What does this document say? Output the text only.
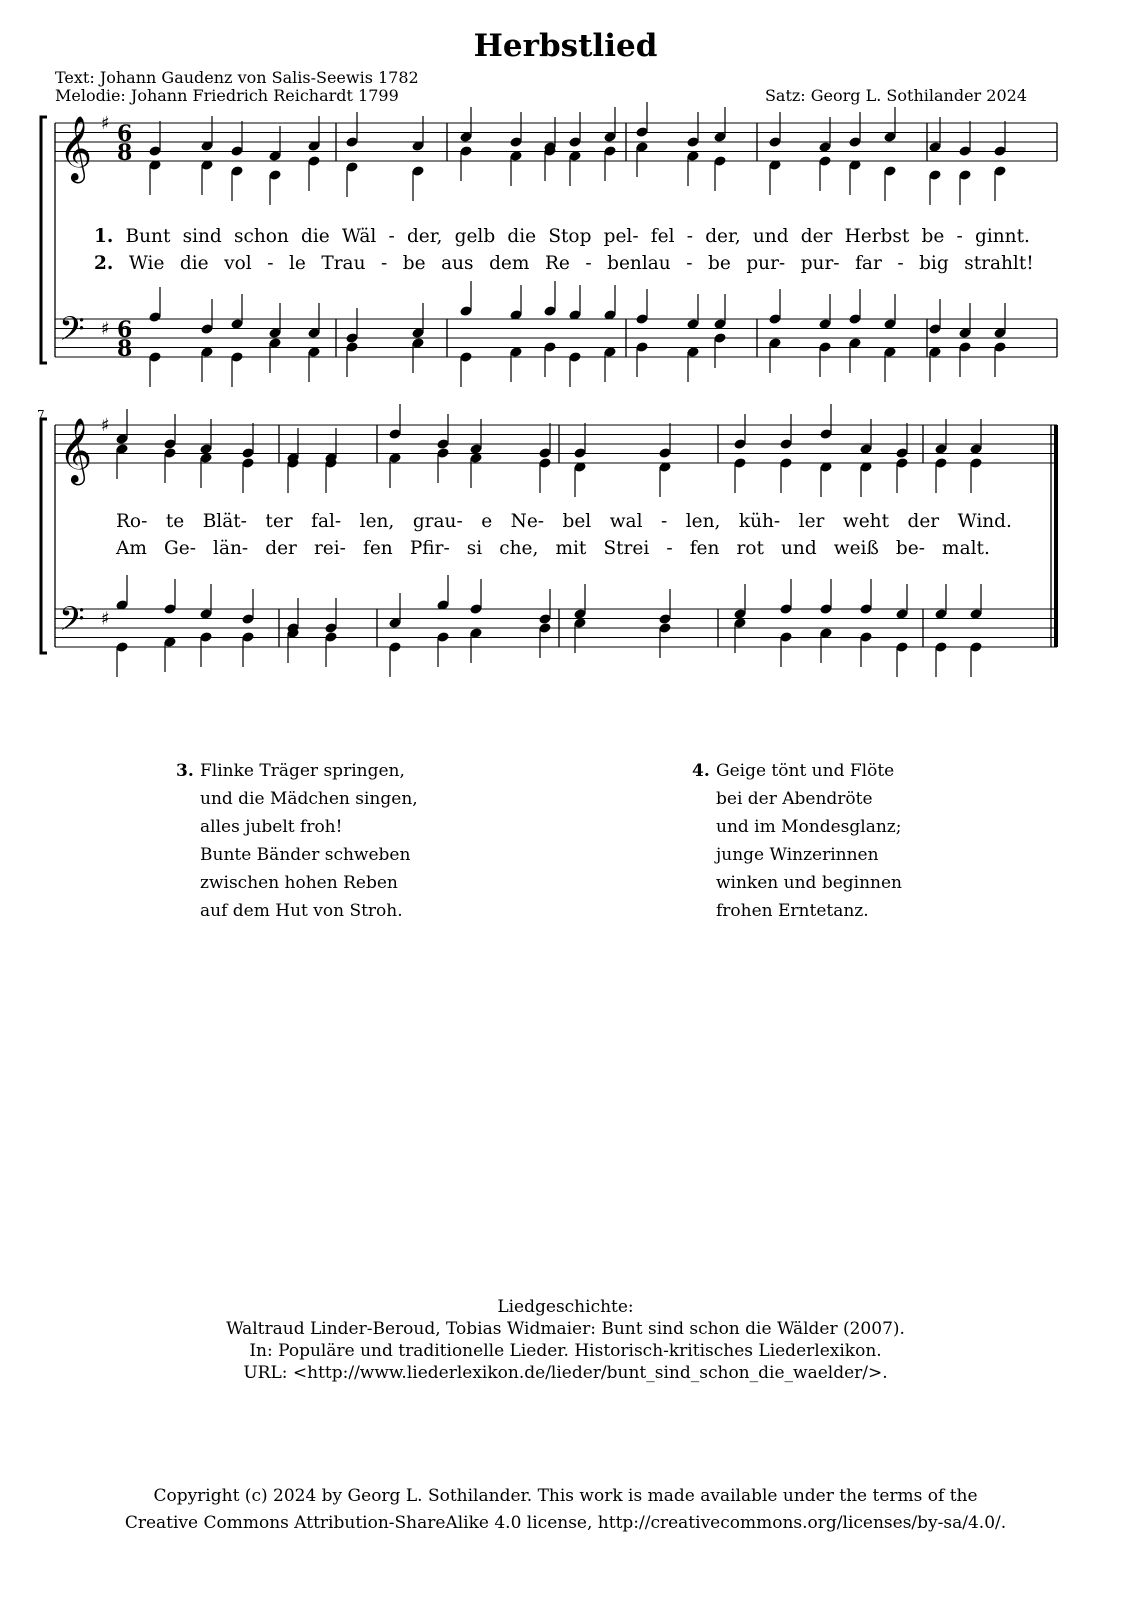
Herbstlied
Text: Johann Gaudenz von Salis-Seewis 1782
Melodie: Johann Friedrich Reichardt 1799	Satz: Georg L. Sothilander 2024
𝄞 ♯ 6
8
𝄢 ♯ 6
8
𝄞 ♯
𝄢 ♯
7
1. Bunt sind schon die Wäl - der, gelb die Stop pel- fel - der, und der Herbst be - ginnt.
2. Wie die vol - le Trau - be aus dem Re - benlau - be pur- pur- far - big strahlt!
Ro- te Blät- ter fal- len, grau- e Ne- bel wal - len, küh- ler weht der Wind.
Am Ge- län- der rei- fen Pfir- si che, mit Strei - fen rot und weiß be- malt.
3. Flinke Träger springen,
und die Mädchen singen,
alles jubelt froh!
Bunte Bänder schweben
zwischen hohen Reben
auf dem Hut von Stroh.
4. Geige tönt und Flöte
bei der Abendröte
und im Mondesglanz;
junge Winzerinnen
winken und beginnen
frohen Erntetanz.
Liedgeschichte:
Waltraud Linder-Beroud, Tobias Widmaier: Bunt sind schon die Wälder (2007).
In: Populäre und traditionelle Lieder. Historisch-kritisches Liederlexikon.
URL: <http://www.liederlexikon.de/lieder/bunt_sind_schon_die_waelder/>.
Copyright (c) 2024 by Georg L. Sothilander. This work is made available under the terms of the
Creative Commons Attribution-ShareAlike 4.0 license, http://creativecommons.org/licenses/by-sa/4.0/.
